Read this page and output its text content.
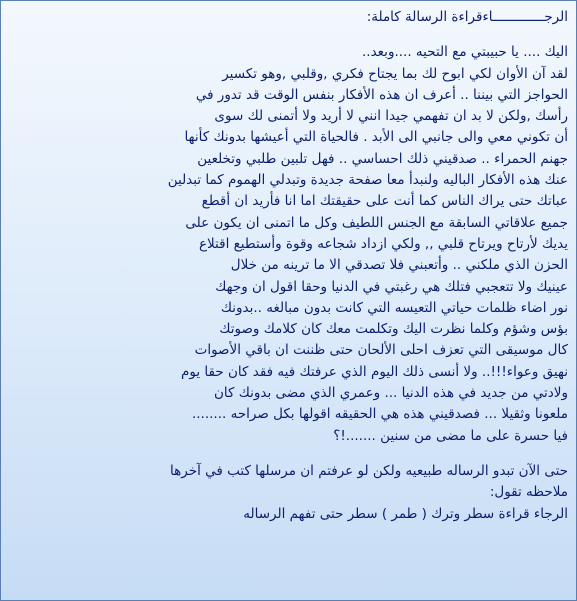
الرجـــــــــــــاءقراءة الرسالة كاملة:
اليك .... يا حبيبتي مع التحيه ....وبعد..
لقد آن الأوان لكي ابوح لك بما يجتاح فكري ,وقلبي ,وهو تكسير
الحواجز التي بيننا .. أعرف ان هذه الأفكار بنفس الوقت قد تدور في
رأسك ,ولكن لا بد ان تفهمي جيدا انني لا أريد ولا أتمنى لك سوى
أن تكوني معي والى جانبي الى الأبد . فالحياة التي أعيشها بدونك كأنها
جهنم الحمراء .. صدقيني ذلك احساسي .. فهل تلبين طلبي وتخلعين
عنك هذه الأفكار الباليه ولنبدأ معا صفحة جديدة وتبدلي الهموم كما تبدلين
عباتك حتى يراك الناس كما أنت على حقيقتك اما انا فأريد ان أقطع
جميع علاقاتي السابقة مع الجنس اللطيف وكل ما اتمنى ان يكون على
يديك لأرتاح ويرتاح قلبي ,, ولكي ازداد شجاعه وقوة وأستطيع اقتلاع
الحزن الذي ملكني .. وأتعبني فلا تصدقي الا ما ترينه من خلال
عينيك ولا تتعجبي فتلك هي رغبتي في الدنيا وحقا اقول ان وجهك
نور اضاء ظلمات حياتي التعيسه التي كانت بدون مبالغه ..بدونك
بؤس وشؤم وكلما نظرت اليك وتكلمت معك كان كلامك وصوتك
كال موسيقى التي تعزف احلى الألحان حتى ظننت ان باقي الأصوات
نهيق وعواء!!!.. ولا أنسى ذلك اليوم الذي عرفتك فيه فقد كان حقا يوم
ولادتي من جديد في هذه الدنيا ... وعمري الذي مضى بدونك كان
ملعونا وثقيلا ... فصدقيني هذه هي الحقيقه اقولها بكل صراحه ........
فيا حسرة على ما مضى من سنين .......!؟
حتى الآن تبدو الرساله طبيعيه ولكن لو عرفتم ان مرسلها كتب في آخرها
ملاحظه تقول:
الرجاء قراءة سطر وترك ( طمر ) سطر حتى تفهم الرساله
